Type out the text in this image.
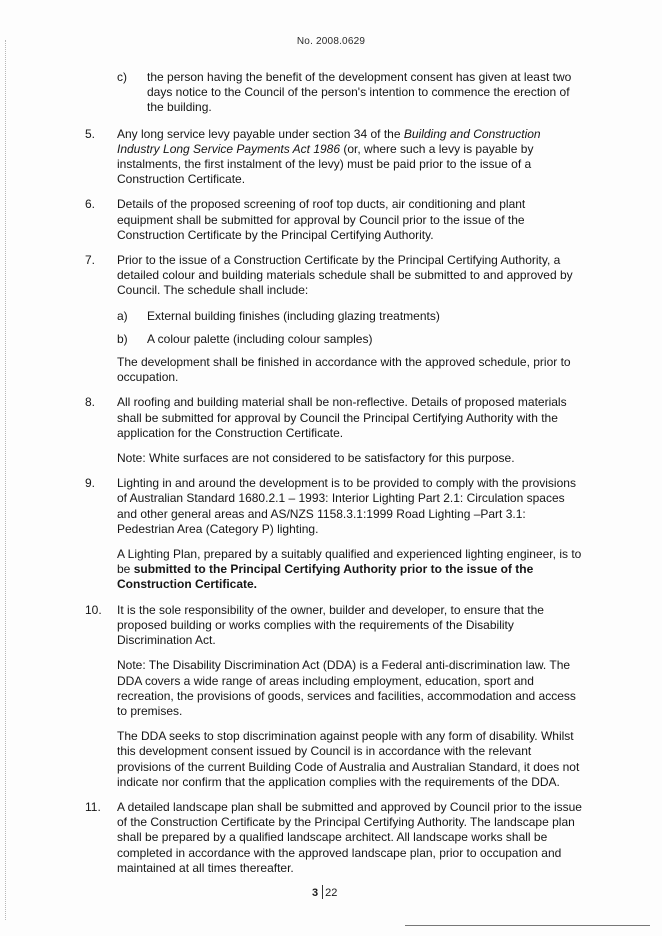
No. 2008.0629
c) the person having the benefit of the development consent has given at least two days notice to the Council of the person's intention to commence the erection of the building.
5. Any long service levy payable under section 34 of the Building and Construction Industry Long Service Payments Act 1986 (or, where such a levy is payable by instalments, the first instalment of the levy) must be paid prior to the issue of a Construction Certificate.

6. Details of the proposed screening of roof top ducts, air conditioning and plant equipment shall be submitted for approval by Council prior to the issue of the Construction Certificate by the Principal Certifying Authority.

7. Prior to the issue of a Construction Certificate by the Principal Certifying Authority, a detailed colour and building materials schedule shall be submitted to and approved by Council. The schedule shall include:

a) External building finishes (including glazing treatments)
b) A colour palette (including colour samples)

The development shall be finished in accordance with the approved schedule, prior to occupation.

8. All roofing and building material shall be non-reflective. Details of proposed materials shall be submitted for approval by Council the Principal Certifying Authority with the application for the Construction Certificate.

Note: White surfaces are not considered to be satisfactory for this purpose.

9. Lighting in and around the development is to be provided to comply with the provisions of Australian Standard 1680.2.1 – 1993: Interior Lighting Part 2.1: Circulation spaces and other general areas and AS/NZS 1158.3.1:1999 Road Lighting –Part 3.1: Pedestrian Area (Category P) lighting.

A Lighting Plan, prepared by a suitably qualified and experienced lighting engineer, is to be submitted to the Principal Certifying Authority prior to the issue of the Construction Certificate.

10. It is the sole responsibility of the owner, builder and developer, to ensure that the proposed building or works complies with the requirements of the Disability Discrimination Act.

Note: The Disability Discrimination Act (DDA) is a Federal anti-discrimination law. The DDA covers a wide range of areas including employment, education, sport and recreation, the provisions of goods, services and facilities, accommodation and access to premises.

The DDA seeks to stop discrimination against people with any form of disability. Whilst this development consent issued by Council is in accordance with the relevant provisions of the current Building Code of Australia and Australian Standard, it does not indicate nor confirm that the application complies with the requirements of the DDA.

11. A detailed landscape plan shall be submitted and approved by Council prior to the issue of the Construction Certificate by the Principal Certifying Authority. The landscape plan shall be prepared by a qualified landscape architect. All landscape works shall be completed in accordance with the approved landscape plan, prior to occupation and maintained at all times thereafter.

3 22
